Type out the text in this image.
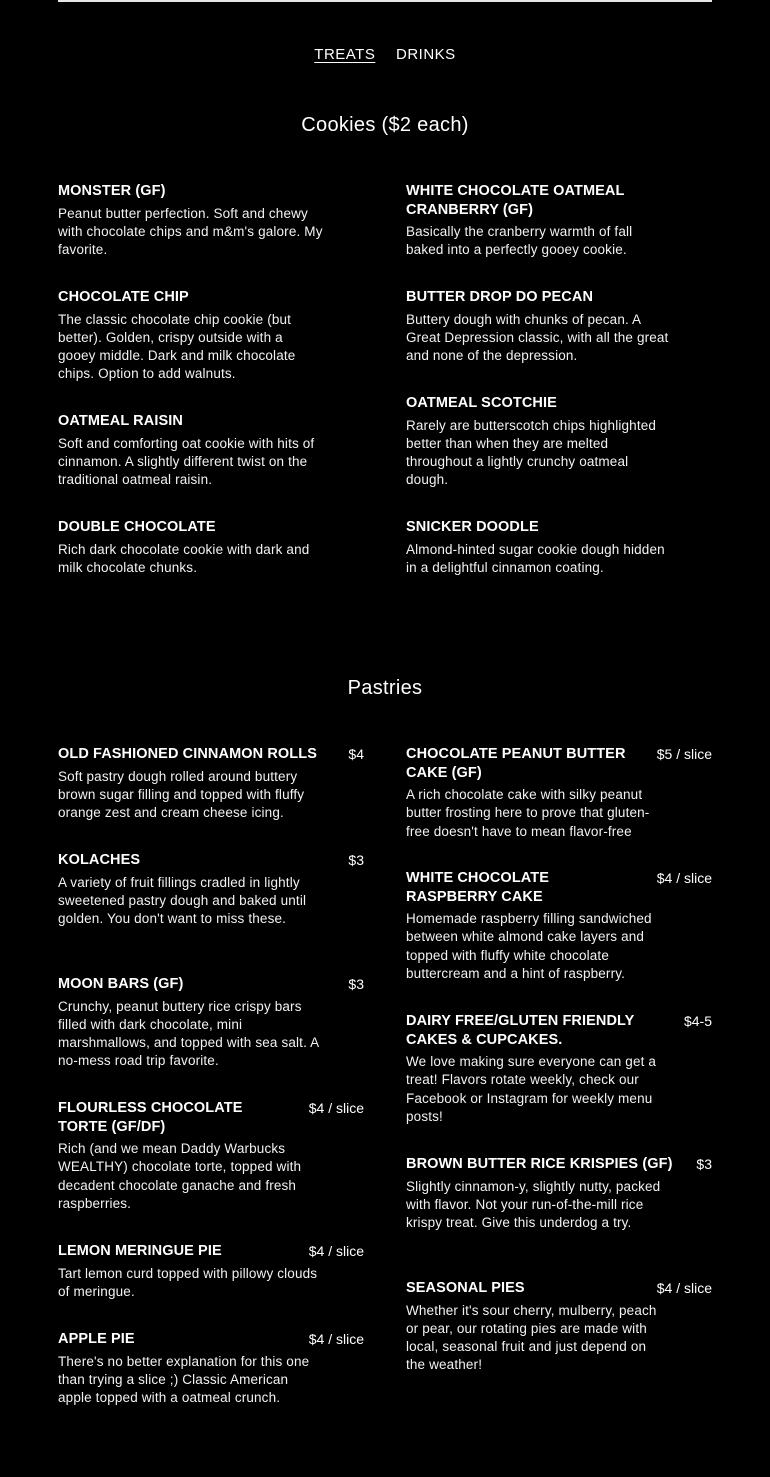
TREATS DRINKS
Cookies ($2 each)
MONSTER (GF)
Peanut butter perfection. Soft and chewy with chocolate chips and m&m's galore. My favorite.
CHOCOLATE CHIP
The classic chocolate chip cookie (but better). Golden, crispy outside with a gooey middle. Dark and milk chocolate chips. Option to add walnuts.
OATMEAL RAISIN
Soft and comforting oat cookie with hits of cinnamon. A slightly different twist on the traditional oatmeal raisin.
DOUBLE CHOCOLATE
Rich dark chocolate cookie with dark and milk chocolate chunks.
WHITE CHOCOLATE OATMEAL CRANBERRY (GF)
Basically the cranberry warmth of fall baked into a perfectly gooey cookie.
BUTTER DROP DO PECAN
Buttery dough with chunks of pecan. A Great Depression classic, with all the great and none of the depression.
OATMEAL SCOTCHIE
Rarely are butterscotch chips highlighted better than when they are melted throughout a lightly crunchy oatmeal dough.
SNICKER DOODLE
Almond-hinted sugar cookie dough hidden in a delightful cinnamon coating.
Pastries
OLD FASHIONED CINNAMON ROLLS	$4
Soft pastry dough rolled around buttery brown sugar filling and topped with fluffy orange zest and cream cheese icing.
KOLACHES	$3
A variety of fruit fillings cradled in lightly sweetened pastry dough and baked until golden. You don't want to miss these.
MOON BARS (GF)	$3
Crunchy, peanut buttery rice crispy bars filled with dark chocolate, mini marshmallows, and topped with sea salt. A no-mess road trip favorite.
FLOURLESS CHOCOLATE TORTE (GF/DF)
$4 / slice
Rich (and we mean Daddy Warbucks WEALTHY) chocolate torte, topped with decadent chocolate ganache and fresh raspberries.
LEMON MERINGUE PIE	$4 / slice
Tart lemon curd topped with pillowy clouds of meringue.
APPLE PIE	$4 / slice
There's no better explanation for this one than trying a slice ;) Classic American apple topped with a oatmeal crunch.
CHOCOLATE PEANUT BUTTER CAKE (GF)
$5 / slice
A rich chocolate cake with silky peanut butter frosting here to prove that gluten-free doesn't have to mean flavor-free
WHITE CHOCOLATE RASPBERRY CAKE
$4 / slice
Homemade raspberry filling sandwiched between white almond cake layers and topped with fluffy white chocolate buttercream and a hint of raspberry.
DAIRY FREE/GLUTEN FRIENDLY CAKES & CUPCAKES.
$4-5
We love making sure everyone can get a treat! Flavors rotate weekly, check our Facebook or Instagram for weekly menu posts!
BROWN BUTTER RICE KRISPIES (GF)	$3
Slightly cinnamon-y, slightly nutty, packed with flavor. Not your run-of-the-mill rice krispy treat. Give this underdog a try.
SEASONAL PIES	$4 / slice
Whether it's sour cherry, mulberry, peach or pear, our rotating pies are made with local, seasonal fruit and just depend on the weather!
